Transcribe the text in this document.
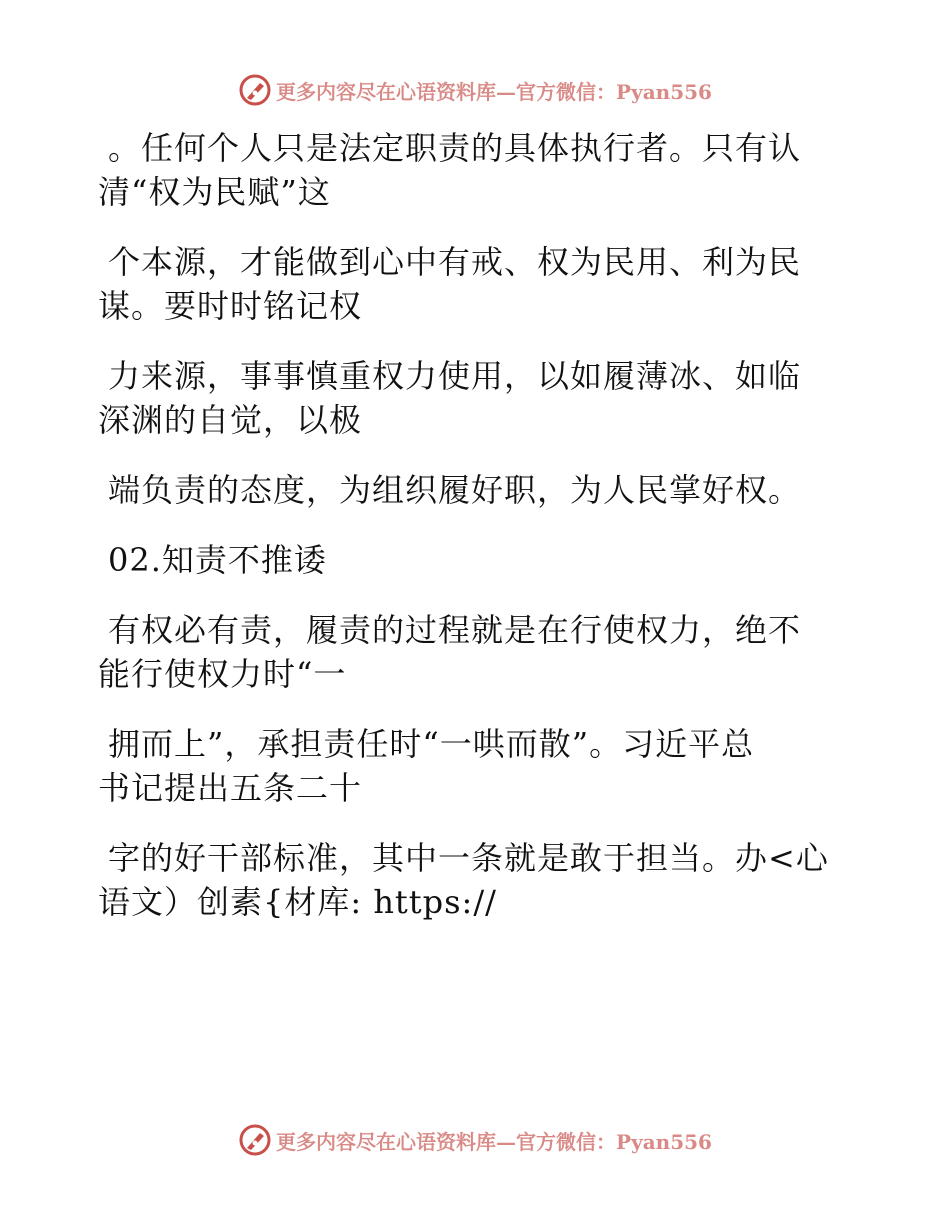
更多内容尽在心语资料库—官方微信：Pyan556
。任何个人只是法定职责的具体执行者。只有认
清“权为民赋”这
个本源，才能做到心中有戒、权为民用、利为民
谋。要时时铭记权
力来源，事事慎重权力使用，以如履薄冰、如临
深渊的自觉，以极
端负责的态度，为组织履好职，为人民掌好权。
02.知责不推诿
有权必有责，履责的过程就是在行使权力，绝不
能行使权力时“一
拥而上”，承担责任时“一哄而散”。习近平总
书记提出五条二十
字的好干部标准，其中一条就是敢于担当。办<心
语文）创素{材库: https://
更多内容尽在心语资料库—官方微信：Pyan556
